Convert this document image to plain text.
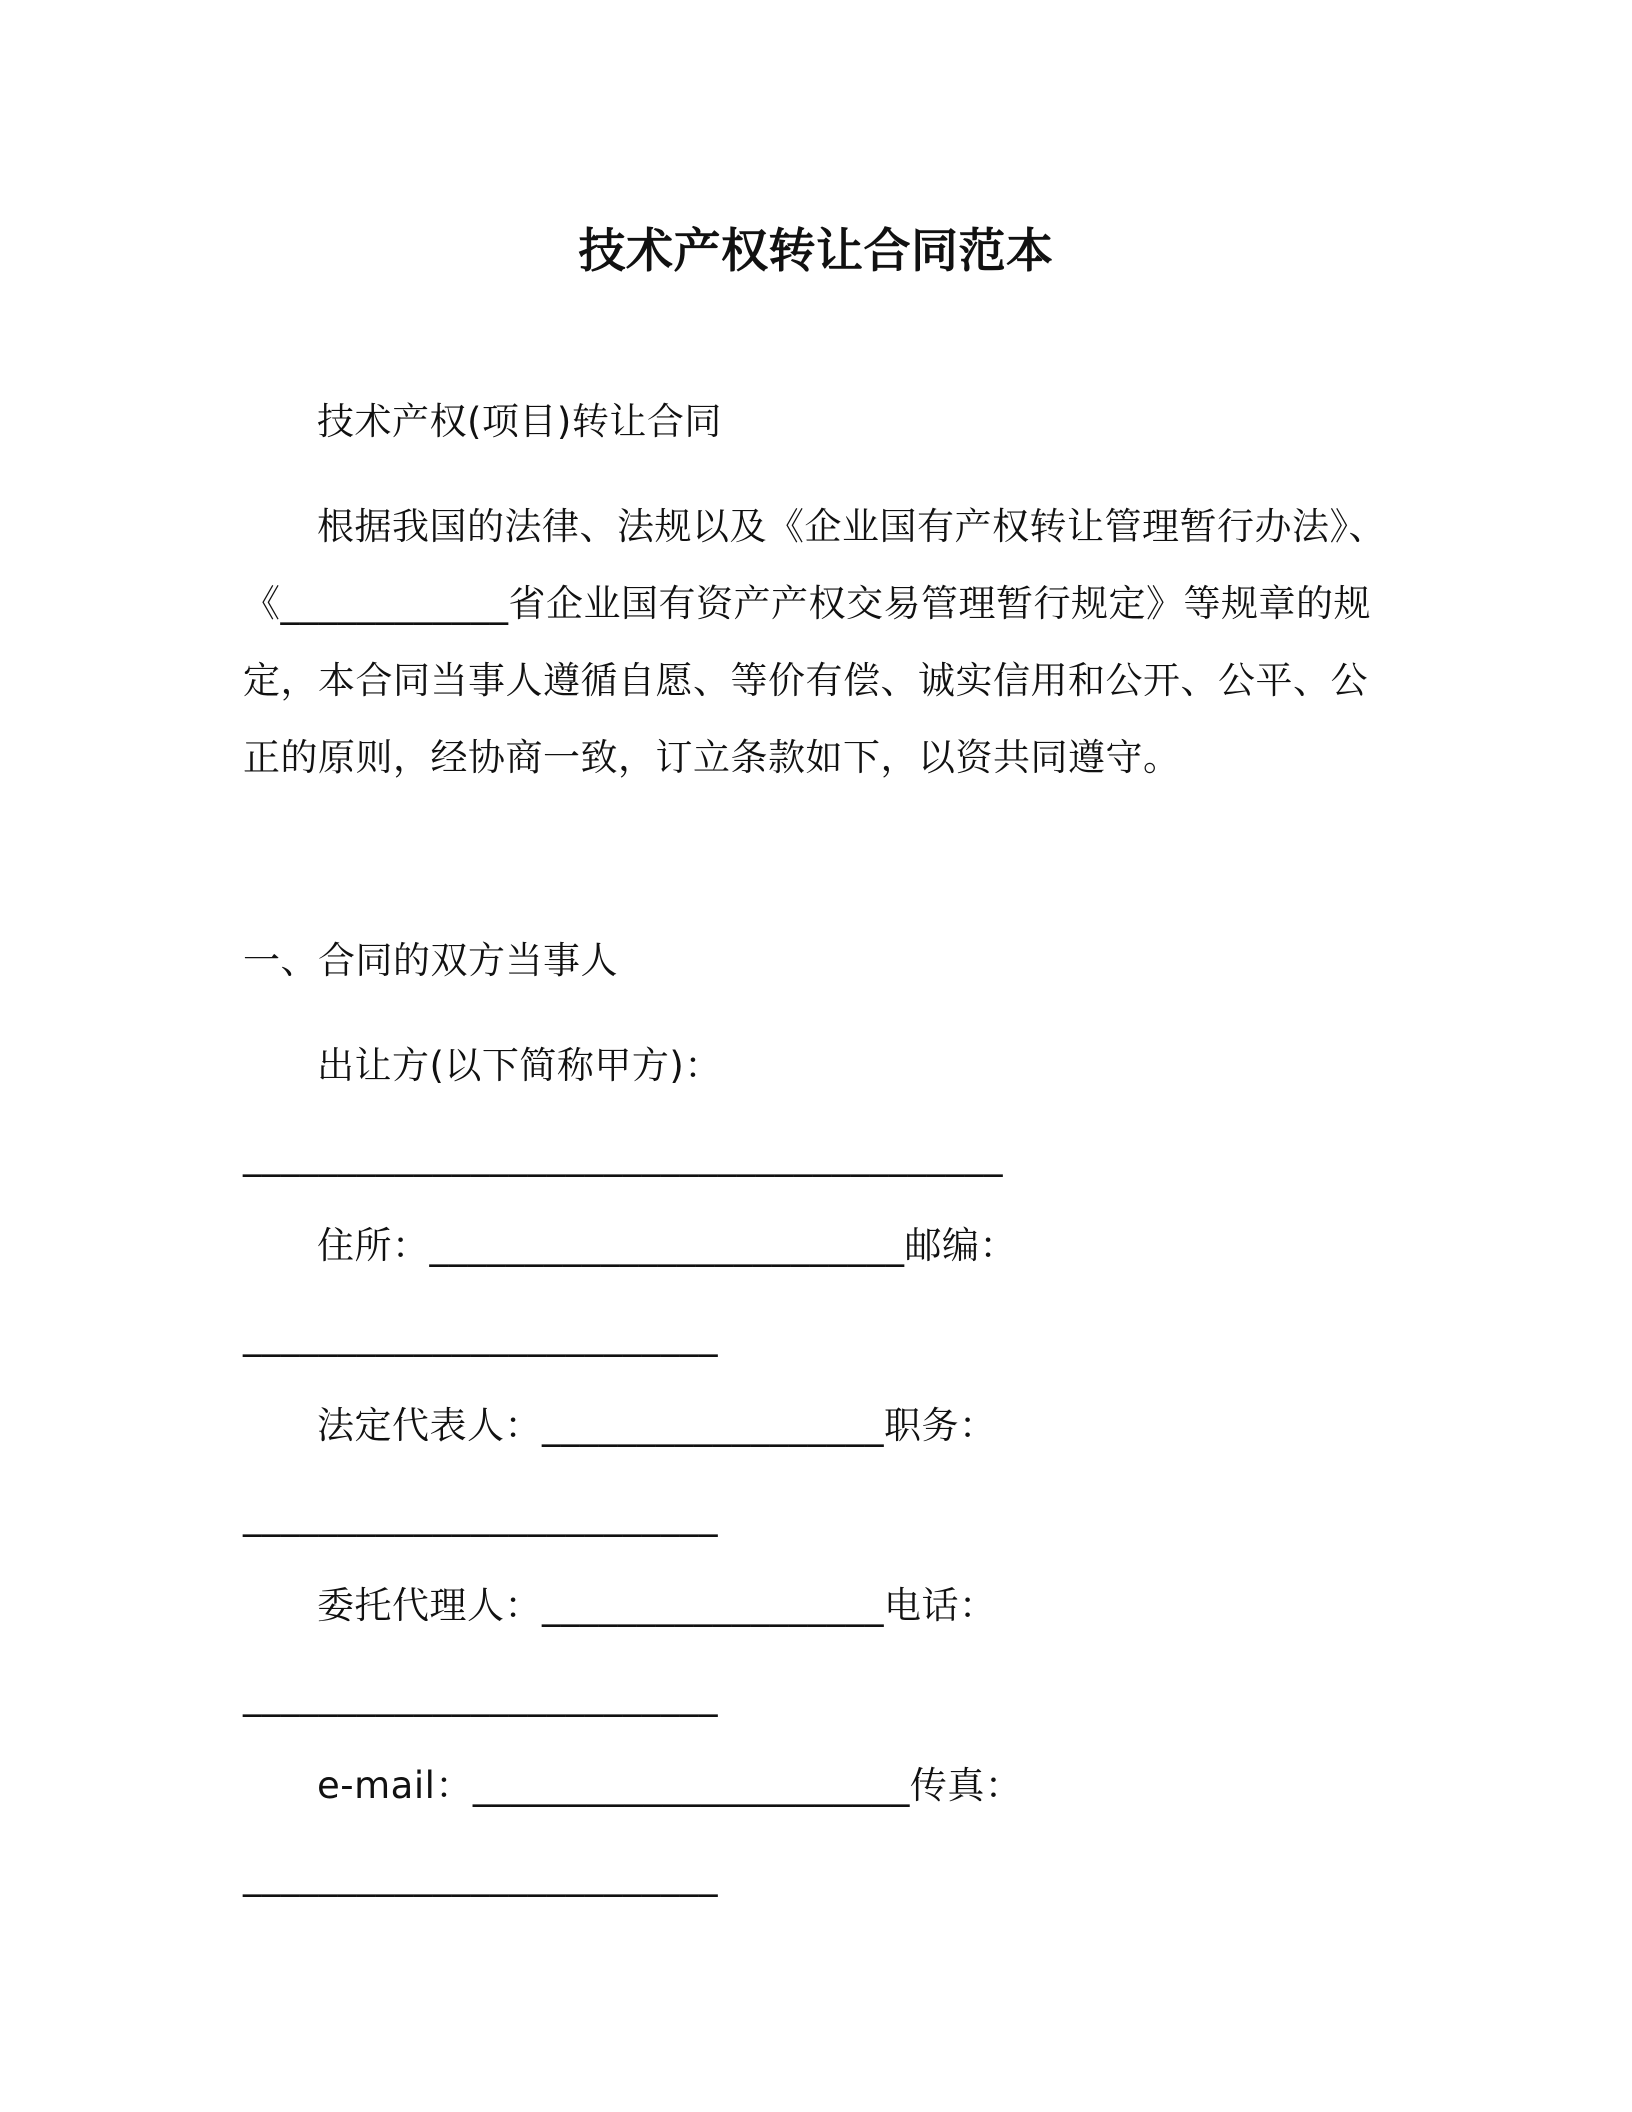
技术产权转让合同范本
技术产权(项目)转让合同
根据我国的法律、法规以及《企业国有产权转让管理暂行办法》、
《____________省企业国有资产产权交易管理暂行规定》等规章的规
定，本合同当事人遵循自愿、等价有偿、诚实信用和公开、公平、公
正的原则，经协商一致，订立条款如下，以资共同遵守。
一、合同的双方当事人
出让方(以下简称甲方)：
________________________________________
住所：_________________________邮编：
_________________________
法定代表人：__________________职务：
_________________________
委托代理人：__________________电话：
_________________________
e-mail：_______________________传真：
_________________________
